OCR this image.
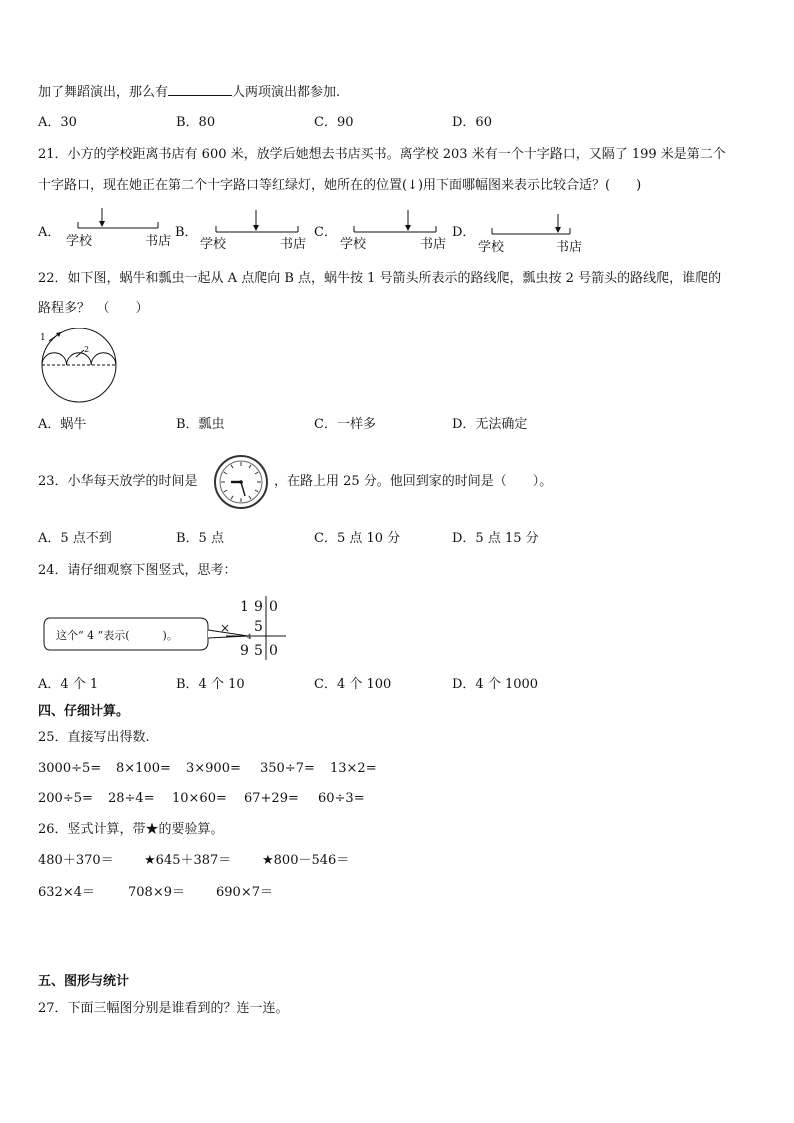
加了舞蹈演出，那么有	人两项演出都参加.
A．30	B．80	C．90	D．60
21．小方的学校距离书店有 600 米，放学后她想去书店买书。离学校 203 米有一个十字路口，又隔了 199 米是第二个
十字路口，现在她正在第二个十字路口等红绿灯，她所在的位置(↓)用下面哪幅图来表示比较合适？(　　)
A．
学校	书店
B．
学校	书店
C．
学校	书店
D．
学校	书店
22．如下图，蜗牛和瓢虫一起从 A 点爬向 B 点，蜗牛按 1 号箭头所表示的路线爬，瓢虫按 2 号箭头的路线爬，谁爬的
路程多？　（　　）
1
2
A．蜗牛	B．瓢虫	C．一样多	D．无法确定
23．小华每天放学的时间是	，在路上用 25 分。他回到家的时间是（　　）。
A．5 点不到	B．5 点	C．5 点 10 分	D．5 点 15 分
24．请仔细观察下图竖式，思考：
这个“ 4 ”表示(　　　)。
1 9 0
× 5
4
9 5 0
A．4 个 1	B．4 个 10	C．4 个 100	D．4 个 1000
四、仔细计算。
25．直接写出得数.
3000÷5= 8×100= 3×900= 350÷7= 13×2=
200÷5= 28÷4= 10×60= 67+29= 60÷3=
26．竖式计算，带★的要验算。
480＋370＝ ★645＋387＝ ★800－546＝
632×4＝	708×9＝ 690×7＝
五、图形与统计
27．下面三幅图分别是谁看到的？连一连。
